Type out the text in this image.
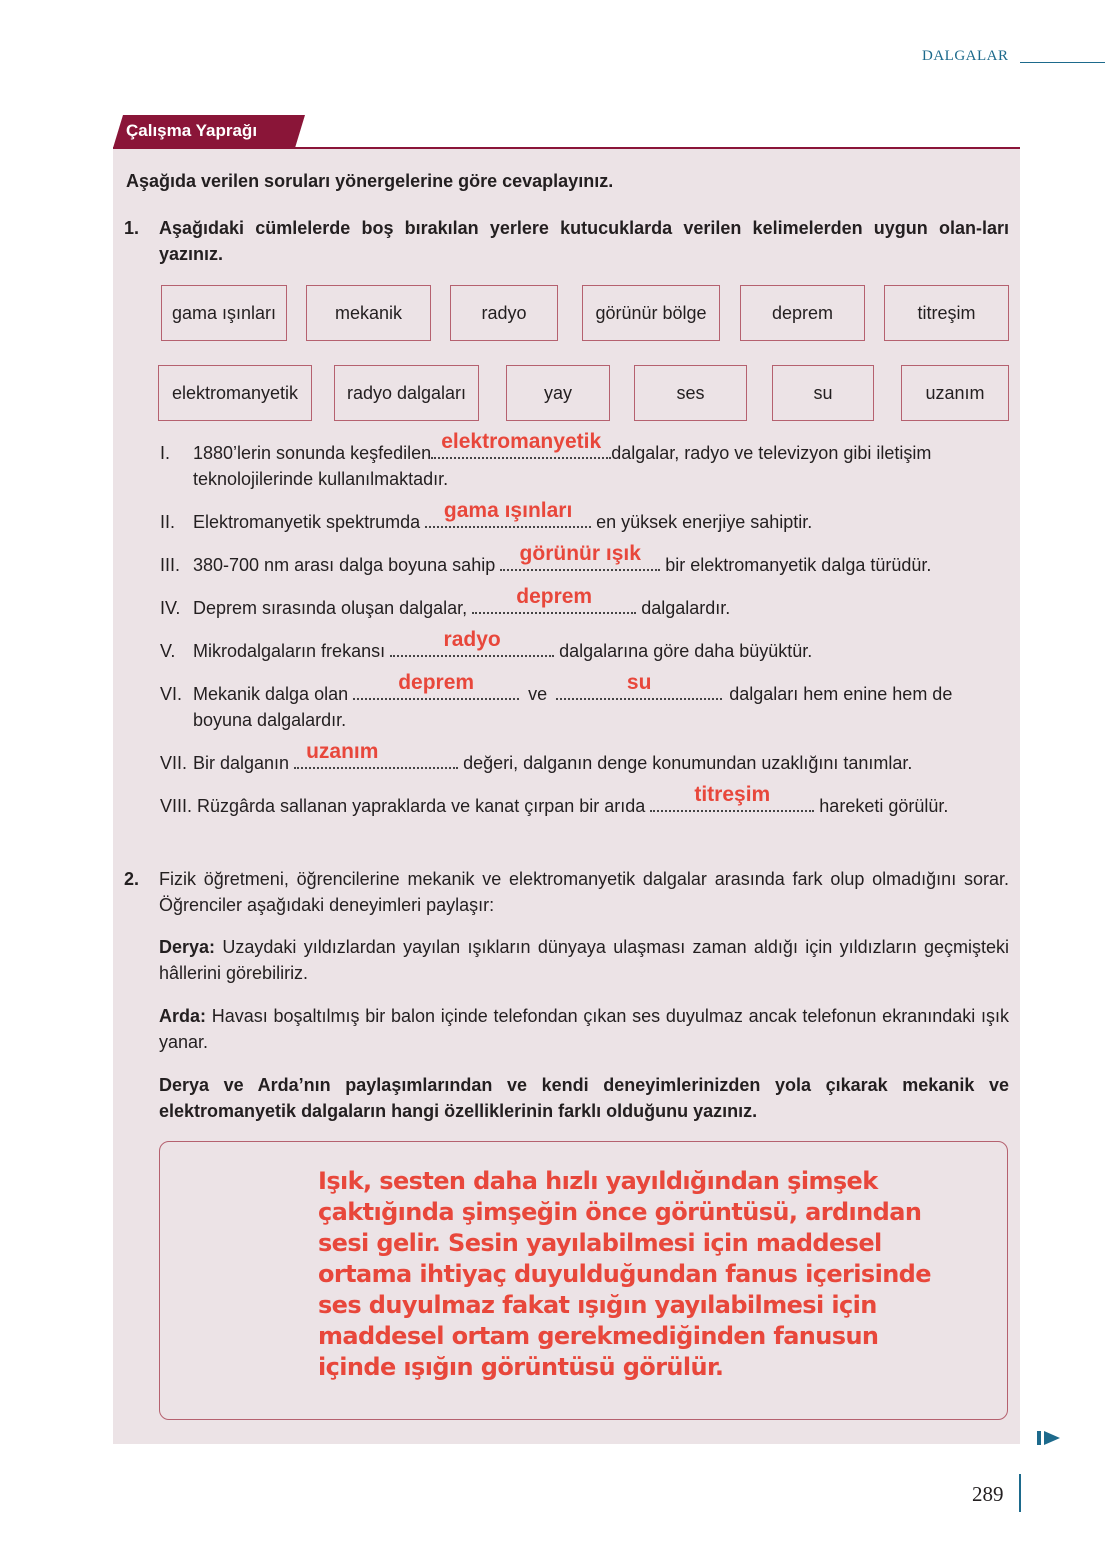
DALGALAR
Çalışma Yaprağı
Aşağıda verilen soruları yönergelerine göre cevaplayınız.
1. Aşağıdaki cümlelerde boş bırakılan yerlere kutucuklarda verilen kelimelerden uygun olan-ları yazınız.
gama ışınları	mekanik	radyo	görünür bölge	deprem	titreşim
elektromanyetik	radyo dalgaları	yay	ses	su	uzanım
I. 1880’lerin sonunda keşfedilen elektromanyetik dalgalar, radyo ve televizyon gibi iletişim
teknolojilerinde kullanılmaktadır.
II. Elektromanyetik spektrumda	gama ışınları	en yüksek enerjiye sahiptir.
III. 380-700 nm arası dalga boyuna sahip	görünür ışık	bir elektromanyetik dalga türüdür.
IV. Deprem sırasında oluşan dalgalar,	deprem	dalgalardır.
V. Mikrodalgaların frekansı	radyo	dalgalarına göre daha büyüktür.
VI. Mekanik dalga olan	deprem	ve	su	dalgaları hem enine hem de
boyuna dalgalardır.
VII. Bir dalganın uzanım	değeri, dalganın denge konumundan uzaklığını tanımlar.
VIII. Rüzgârda sallanan yapraklarda ve kanat çırpan bir arıda	titreşim	hareketi görülür.
2. Fizik öğretmeni, öğrencilerine mekanik ve elektromanyetik dalgalar arasında fark olup olmadığını sorar. Öğrenciler aşağıdaki deneyimleri paylaşır:
Derya: Uzaydaki yıldızlardan yayılan ışıkların dünyaya ulaşması zaman aldığı için yıldızların geçmişteki hâllerini görebiliriz.
Arda: Havası boşaltılmış bir balon içinde telefondan çıkan ses duyulmaz ancak telefonun ekranındaki ışık yanar.
Derya ve Arda’nın paylaşımlarından ve kendi deneyimlerinizden yola çıkarak mekanik ve elektromanyetik dalgaların hangi özelliklerinin farklı olduğunu yazınız.
Işık, sesten daha hızlı yayıldığından şimşek çaktığında şimşeğin önce görüntüsü, ardından sesi gelir. Sesin yayılabilmesi için maddesel ortama ihtiyaç duyulduğundan fanus içerisinde ses duyulmaz fakat ışığın yayılabilmesi için maddesel ortam gerekmediğinden fanusun içinde ışığın görüntüsü görülür.
289
